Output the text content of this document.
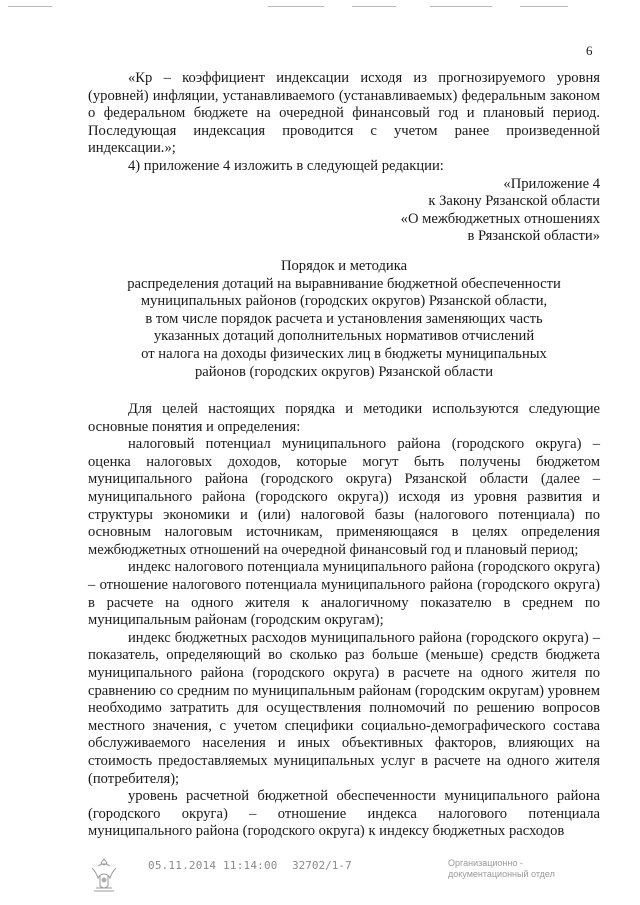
6

«Кр – коэффициент индексации исходя из прогнозируемого уровня (уровней) инфляции, устанавливаемого (устанавливаемых) федеральным законом о федеральном бюджете на очередной финансовый год и плановый период. Последующая индексация проводится с учетом ранее произведенной индексации.»;

4) приложение 4 изложить в следующей редакции:

«Приложение 4

к Закону Рязанской области

«О межбюджетных отношениях

в Рязанской области»

Порядок и методика

распределения дотаций на выравнивание бюджетной обеспеченности

муниципальных районов (городских округов) Рязанской области,

в том числе порядок расчета и установления заменяющих часть

указанных дотаций дополнительных нормативов отчислений

от налога на доходы физических лиц в бюджеты муниципальных

районов (городских округов) Рязанской области

Для целей настоящих порядка и методики используются следующие основные понятия и определения:

налоговый потенциал муниципального района (городского округа) – оценка налоговых доходов, которые могут быть получены бюджетом муниципального района (городского округа) Рязанской области (далее – муниципального района (городского округа)) исходя из уровня развития и структуры экономики и (или) налоговой базы (налогового потенциала) по основным налоговым источникам, применяющаяся в целях определения межбюджетных отношений на очередной финансовый год и плановый период;

индекс налогового потенциала муниципального района (городского округа) – отношение налогового потенциала муниципального района (городского округа) в расчете на одного жителя к аналогичному показателю в среднем по муниципальным районам (городским округам);

индекс бюджетных расходов муниципального района (городского округа) – показатель, определяющий во сколько раз больше (меньше) средств бюджета муниципального района (городского округа) в расчете на одного жителя по сравнению со средним по муниципальным районам (городским округам) уровнем необходимо затратить для осуществления полномочий по решению вопросов местного значения, с учетом специфики социально-демографического состава обслуживаемого населения и иных объективных факторов, влияющих на стоимость предоставляемых муниципальных услуг в расчете на одного жителя (потребителя);

уровень расчетной бюджетной обеспеченности муниципального района (городского округа) – отношение индекса налогового потенциала муниципального района (городского округа) к индексу бюджетных расходов

05.11.2014 11:14:00 32702/1-7	Организационно -
документационный отдел
